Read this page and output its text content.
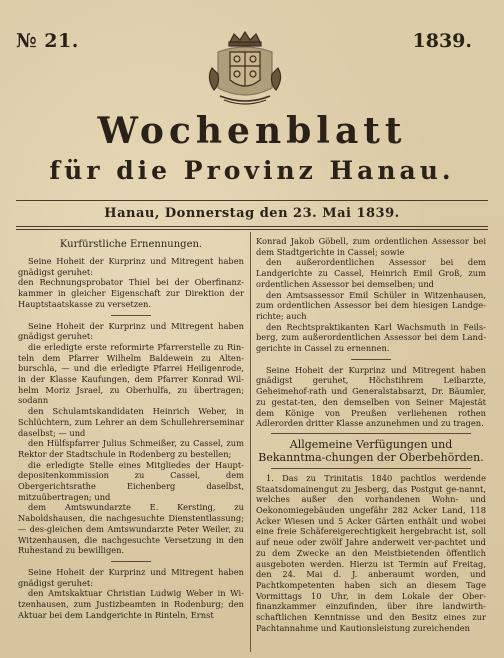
№ 21.	1839.
Wochenblatt
für die Provinz Hanau.
Hanau, Donnerstag den 23. Mai 1839.
Kurfürstliche Ernennungen.

Seine Hoheit der Kurprinz und Mitregent haben gnädigst geruhet:

den Rechnungsprobator Thiel bei der Oberfinanz-kammer in gleicher Eigenschaft zur Direktion der Hauptstaatskasse zu versetzen.

Seine Hoheit der Kurprinz und Mitregent haben gnädigst geruhet:

die erledigte erste reformirte Pfarrerstelle zu Rin-teln dem Pfarrer Wilhelm Baldewein zu Alten-burschla, — und die erledigte Pfarrei Heiligenrode, in der Klasse Kaufungen, dem Pfarrer Konrad Wil-helm Moriz Jsrael, zu Oberhulfa, zu übertragen; sodann

den Schulamtskandidaten Heinrich Weber, in Schlüchtern, zum Lehrer an dem Schullehrerseminar daselbst; — und

den Hülfspfarrer Julius Schmeißer, zu Cassel, zum Rektor der Stadtschule in Rodenberg zu bestellen;

die erledigte Stelle eines Mitgliedes der Haupt-depositenkommission zu Cassel, dem Obergerichtsrathe Eichenberg daselbst, mitzuübertragen; und

dem Amtswundarzte E. Kersting, zu Naboldshausen, die nachgesuchte Dienstentlassung; — des-gleichen dem Amtswundarzte Peter Weiler, zu Witzenhausen, die nachgesuchte Versetzung in den Ruhestand zu bewilligen.

Seine Hoheit der Kurprinz und Mitregent haben gnädigst geruhet:

den Amtskaktuar Christian Ludwig Weber in Wi-tzenhausen, zum Justizbeamten in Rodenburg; den Aktuar bei dem Landgerichte in Rinteln, Ernst

Konrad Jakob Göbell, zum ordentlichen Assessor bei dem Stadtgerichte in Cassel; sowie

den außerordentlichen Assessor bei dem Landgerichte zu Cassel, Heinrich Emil Groß, zum ordentlichen Assessor bei demselben; und

den Amtsassessor Emil Schüler in Witzenhausen, zum ordentlichen Assessor bei dem hiesigen Landge-richte; auch

den Rechtspraktikanten Karl Wachsmuth in Feils-berg, zum außerordentlichen Assessor bei dem Land-gerichte in Cassel zu ernennen.

Seine Hoheit der Kurprinz und Mitregent haben gnädigst geruhet, Höchstihrem Leibarzte, Geheimehof-rath und Generalstabsarzt, Dr. Bäumler, zu gestat-ten, den demselben von Seiner Majestät dem Könige von Preußen verliehenen rothen Adlerorden dritter Klasse anzunehmen und zu tragen.

Allgemeine Verfügungen und Bekanntma-chungen der Oberbehörden.

1. Das zu Trinitatis 1840 pachtlos werdende Staatsdomainengut zu Jesberg, das Postgut ge-nannt, welches außer den vorhandenen Wohn- und Oekonomiegebäuden ungefähr 282 Acker Land, 118 Acker Wiesen und 5 Acker Gärten enthält und wobei eine freie Schäfereigerechtigkeit hergebracht ist, soll auf neue oder zwölf Jahre anderweit ver-pachtet und zu dem Zwecke an den Meistbietenden öffentlich ausgeboten werden. Hierzu ist Termin auf Freitag, den 24. Mai d. J. anberaumt worden, und Pachtkompetenten haben sich an diesem Tage Vormittags 10 Uhr, in dem Lokale der Ober-finanzkammer einzufinden, über ihre landwirth-schaftlichen Kenntnisse und den Besitz eines zur Pachtannahme und Kautionsleistung zureichenden
